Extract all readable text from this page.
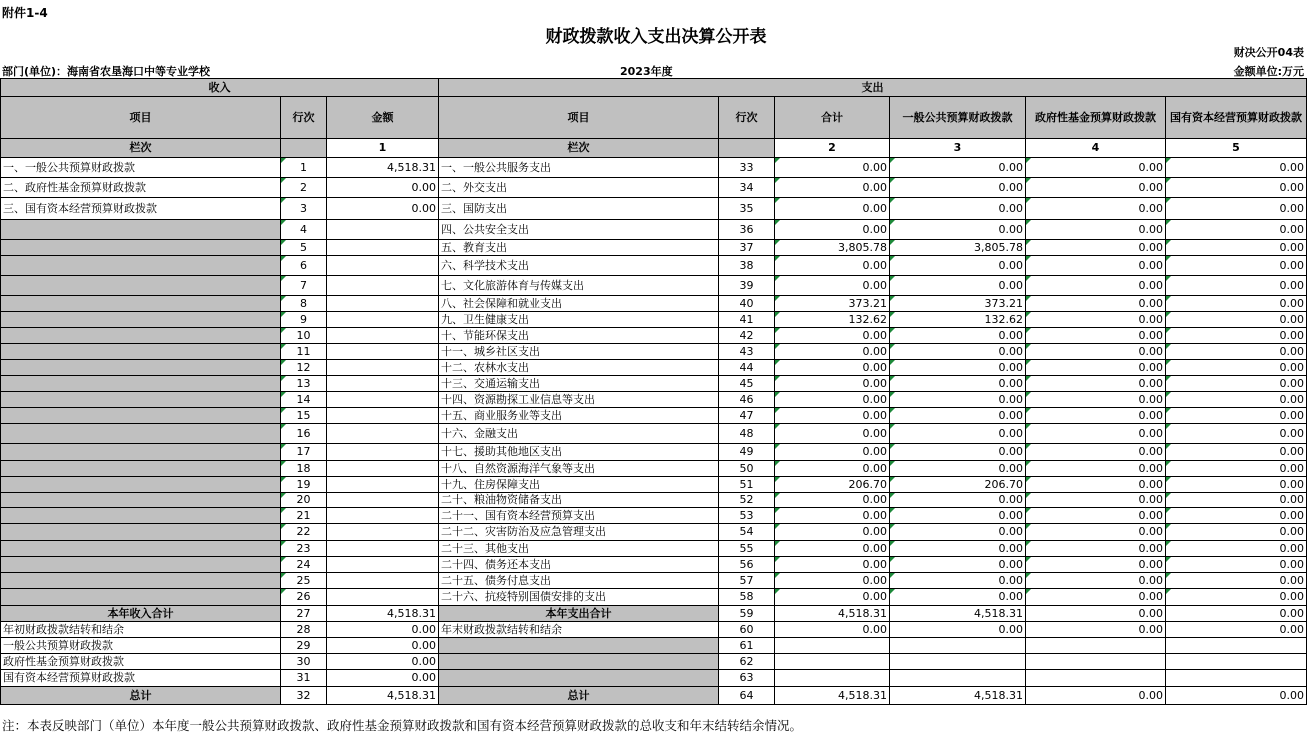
附件1-4
财政拨款收入支出决算公开表
财决公开04表
部门(单位)：海南省农垦海口中等专业学校	2023年度	金额单位:万元
收入			支出					
项目	行次	金额	项目	行次	合计	一般公共预算财政拨款	政府性基金预算财政拨款	国有资本经营预算财政拨款
栏次		1	栏次		2	3	4	5
一、一般公共预算财政拨款	1	4,518.31	一、一般公共服务支出	33	0.00	0.00	0.00	0.00
二、政府性基金预算财政拨款	2	0.00	二、外交支出	34	0.00	0.00	0.00	0.00
三、国有资本经营预算财政拨款	3	0.00	三、国防支出	35	0.00	0.00	0.00	0.00
	4		四、公共安全支出	36	0.00	0.00	0.00	0.00
	5		五、教育支出	37	3,805.78	3,805.78	0.00	0.00
	6		六、科学技术支出	38	0.00	0.00	0.00	0.00
	7		七、文化旅游体育与传媒支出	39	0.00	0.00	0.00	0.00
	8		八、社会保障和就业支出	40	373.21	373.21	0.00	0.00
	9		九、卫生健康支出	41	132.62	132.62	0.00	0.00
	10		十、节能环保支出	42	0.00	0.00	0.00	0.00
	11		十一、城乡社区支出	43	0.00	0.00	0.00	0.00
	12		十二、农林水支出	44	0.00	0.00	0.00	0.00
	13		十三、交通运输支出	45	0.00	0.00	0.00	0.00
	14		十四、资源勘探工业信息等支出	46	0.00	0.00	0.00	0.00
	15		十五、商业服务业等支出	47	0.00	0.00	0.00	0.00
	16		十六、金融支出	48	0.00	0.00	0.00	0.00
	17		十七、援助其他地区支出	49	0.00	0.00	0.00	0.00
	18		十八、自然资源海洋气象等支出	50	0.00	0.00	0.00	0.00
	19		十九、住房保障支出	51	206.70	206.70	0.00	0.00
	20		二十、粮油物资储备支出	52	0.00	0.00	0.00	0.00
	21		二十一、国有资本经营预算支出	53	0.00	0.00	0.00	0.00
	22		二十二、灾害防治及应急管理支出	54	0.00	0.00	0.00	0.00
	23		二十三、其他支出	55	0.00	0.00	0.00	0.00
	24		二十四、债务还本支出	56	0.00	0.00	0.00	0.00
	25		二十五、债务付息支出	57	0.00	0.00	0.00	0.00
	26		二十六、抗疫特别国债安排的支出	58	0.00	0.00	0.00	0.00
本年收入合计	27	4,518.31	本年支出合计	59	4,518.31	4,518.31	0.00	0.00
年初财政拨款结转和结余	28	0.00	年末财政拨款结转和结余	60	0.00	0.00	0.00	0.00
一般公共预算财政拨款	29	0.00		61				
政府性基金预算财政拨款	30	0.00		62				
国有资本经营预算财政拨款	31	0.00		63				
总计	32	4,518.31	总计	64	4,518.31	4,518.31	0.00	0.00
注：本表反映部门（单位）本年度一般公共预算财政拨款、政府性基金预算财政拨款和国有资本经营预算财政拨款的总收支和年末结转结余情况。
